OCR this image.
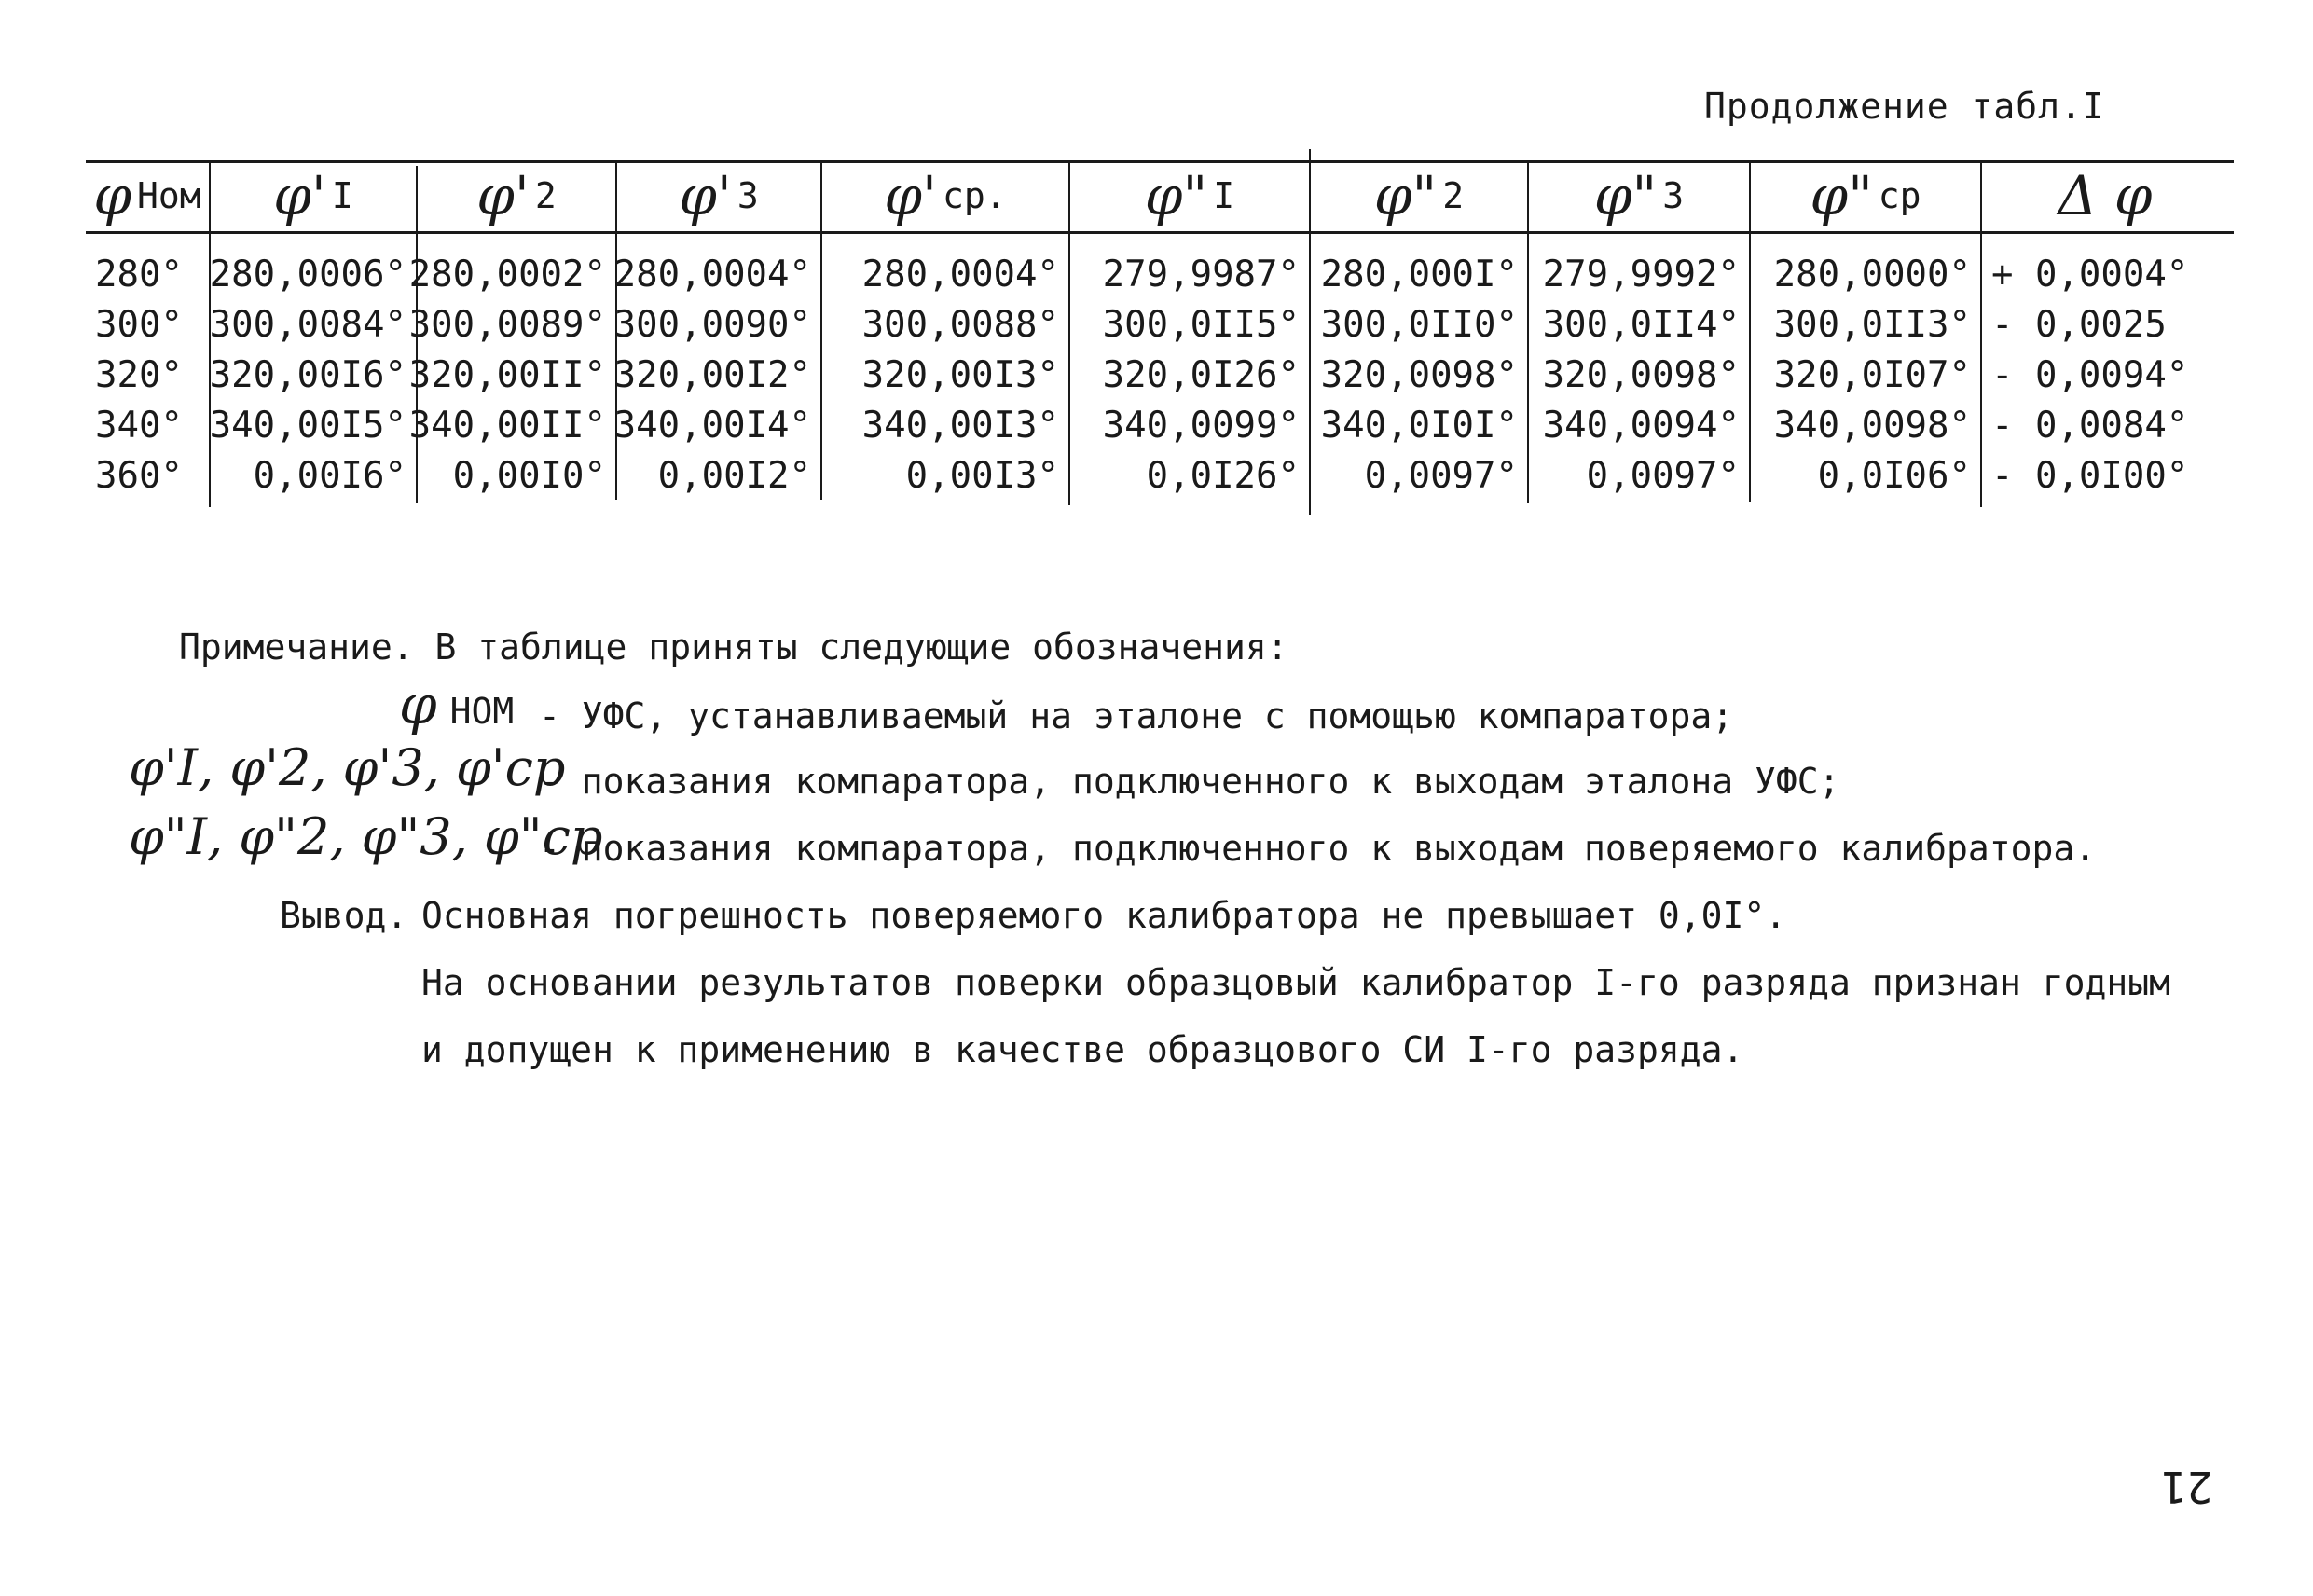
Продолжение табл.I
φ Ном φ' I φ' 2 φ' 3 φ' ср.	φ" I	φ" 2 φ" 3 φ" ср	Δ φ
280° 280,0006° 280,0002° 280,0004°	280,0004°	279,9987° 280,000I° 279,9992° 280,0000° + 0,0004°
300° 300,0084° 300,0089° 300,0090°	300,0088°	300,0II5° 300,0II0° 300,0II4° 300,0II3° - 0,0025
320° 320,00I6° 320,00II° 320,00I2°	320,00I3°	320,0I26° 320,0098° 320,0098° 320,0I07° - 0,0094°
340° 340,00I5° 340,00II° 340,00I4°	340,00I3°	340,0099° 340,0I0I° 340,0094° 340,0098° - 0,0084°
360°	0,00I6°	0,00I0°	0,00I2°	0,00I3°	0,0I26°	0,0097°	0,0097°	0,0I06° - 0,0I00°
Примечание. В таблице приняты следующие обозначения:
φНОМ - УФС, устанавливаемый на эталоне с помощью компаратора;
φ'I, φ'2, φ'3, φ'ср
- показания компаратора, подключенного к выходам эталона УФС;
φ"I, φ"2, φ"3, φ"ср
- показания компаратора, подключенного к выходам поверяемого калибратора.
Вывод. Основная погрешность поверяемого калибратора не превышает 0,0I°.
На основании результатов поверки образцовый калибратор I-го разряда признан годным
и допущен к применению в качестве образцового СИ I-го разряда.
21
